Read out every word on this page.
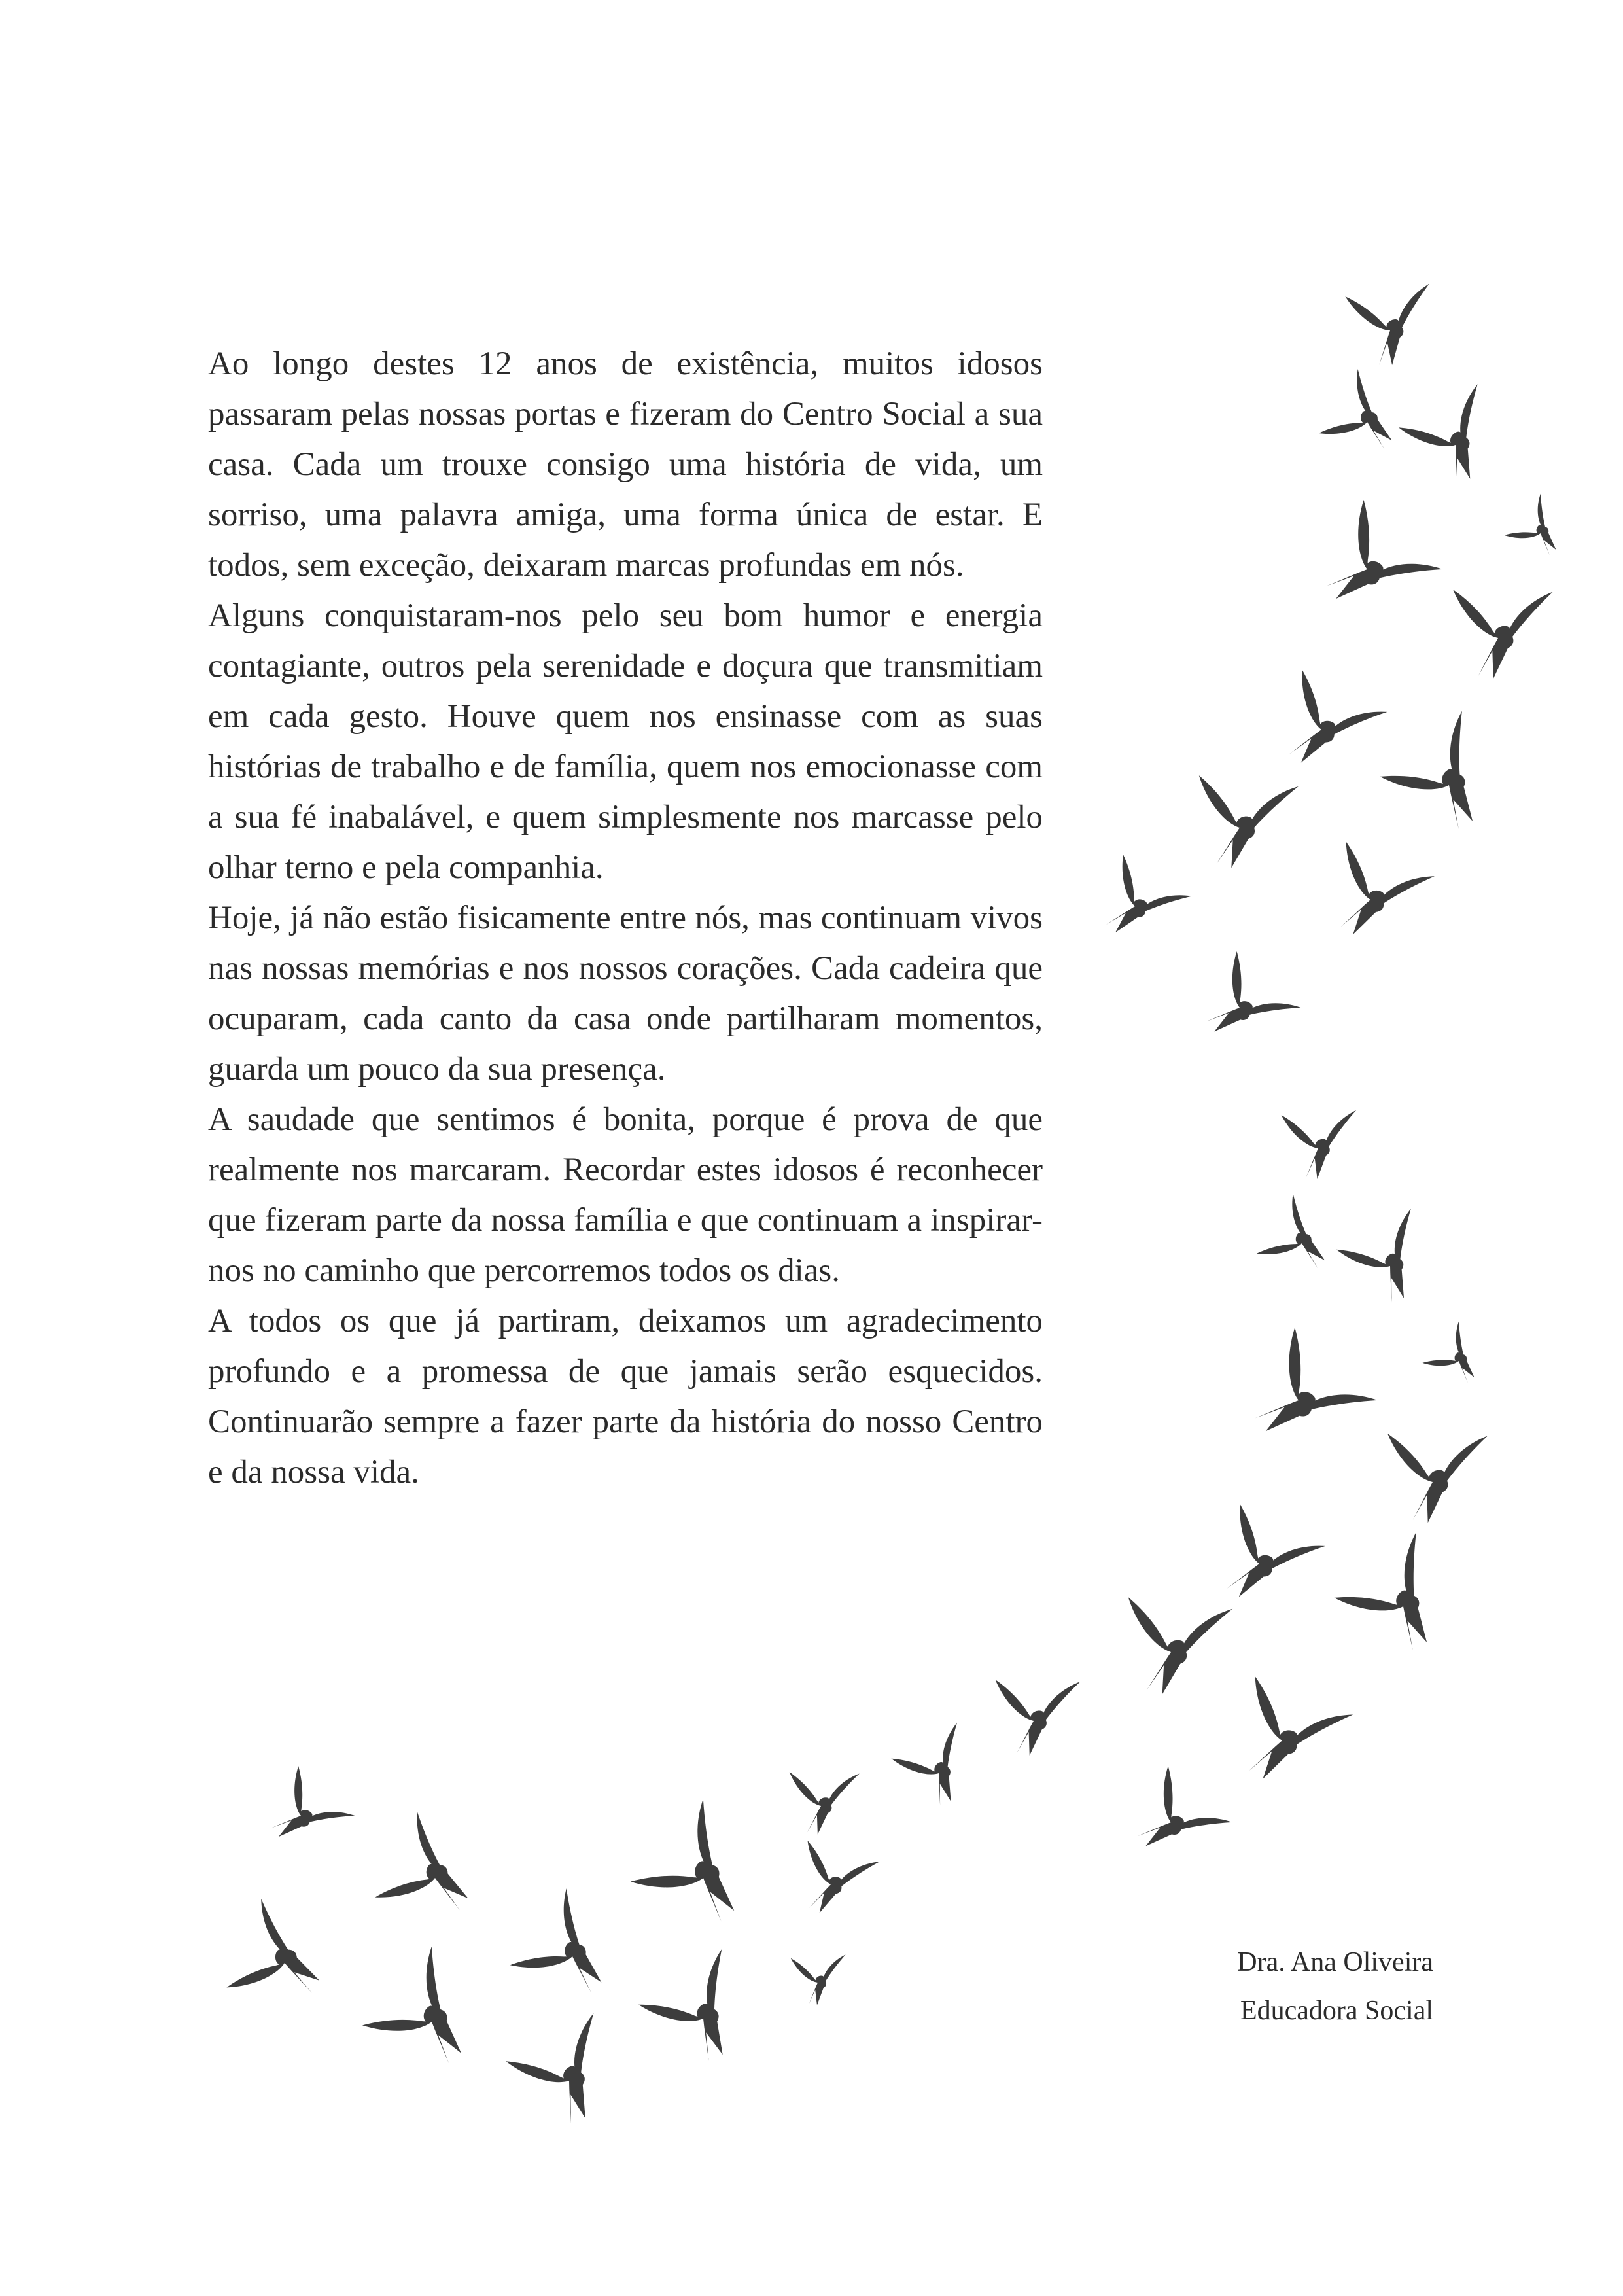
Ao longo destes 12 anos de existência, muitos idosos passaram pelas nossas portas e fizeram do Centro Social a sua casa. Cada um trouxe consigo uma história de vida, um sorriso, uma palavra amiga, uma forma única de estar. E todos, sem exceção, deixaram marcas profundas em nós.

Alguns conquistaram-nos pelo seu bom humor e energia contagiante, outros pela serenidade e doçura que transmitiam em cada gesto. Houve quem nos ensinasse com as suas histórias de trabalho e de família, quem nos emocionasse com a sua fé inabalável, e quem simplesmente nos marcasse pelo olhar terno e pela companhia.

Hoje, já não estão fisicamente entre nós, mas continuam vivos nas nossas memórias e nos nossos corações. Cada cadeira que ocuparam, cada canto da casa onde partilharam momentos, guarda um pouco da sua presença.

A saudade que sentimos é bonita, porque é prova de que realmente nos marcaram. Recordar estes idosos é reconhecer que fizeram parte da nossa família e que continuam a inspirar-nos no caminho que percorremos todos os dias.

A todos os que já partiram, deixamos um agradecimento profundo e a promessa de que jamais serão esquecidos. Continuarão sempre a fazer parte da história do nosso Centro e da nossa vida.

Dra. Ana Oliveira
Educadora Social
